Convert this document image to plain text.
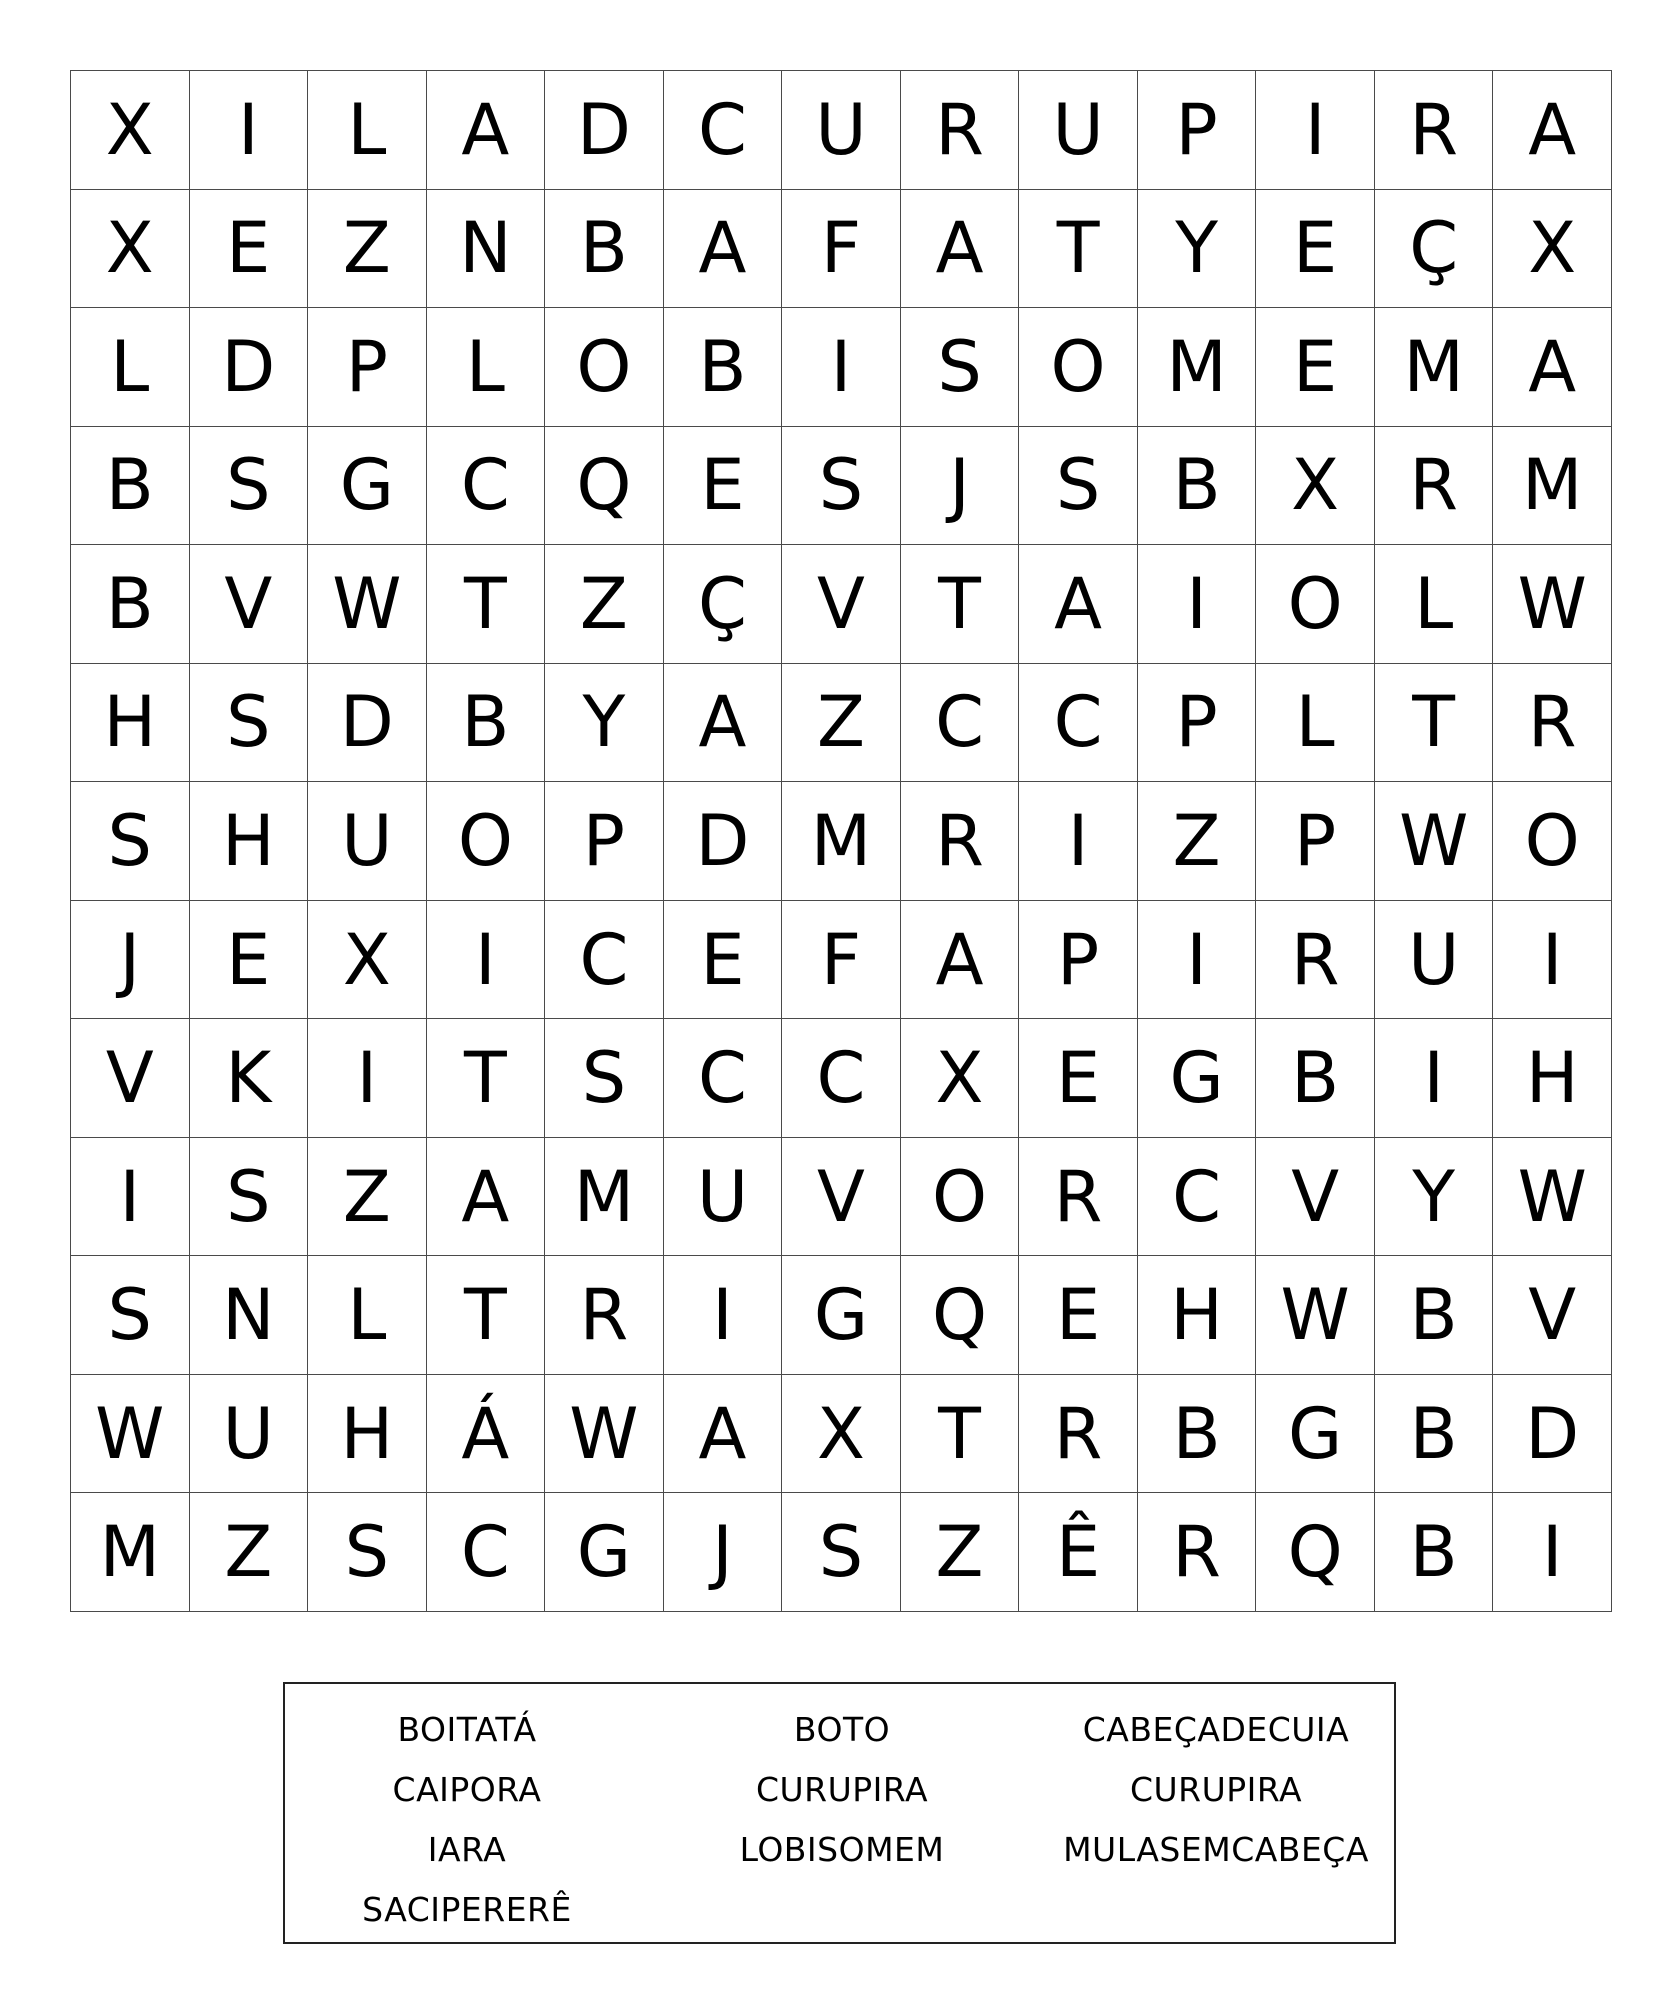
X	I	L	A D C U R U	P	I	R	A
X	E	Z N B	A	F	A	T	Y	E	Ç	X
L	D	P	L	O B	I	S O M E M A
B	S G C Q E	S	J	S	B	X	R M
B	V W T	Z	Ç	V	T	A	I	O	L W
H	S D B	Y	A	Z	C C	P	L	T	R
S H U O P	D M R	I	Z	P W O
J	E	X	I	C	E	F	A	P	I	R U	I
V	K	I	T	S	C C	X	E G B	I	H
I	S	Z	A M U V O R C	V	Y W
S	N	L	T	R	I	G Q E	H W B	V
W U H Á W A	X	T	R	B G B D
M Z	S	C G	J	S	Z	Ê	R Q B	I
BOITATÁ
CAIPORA
IARA
SACIPERERÊ
BOTO
CURUPIRA
LOBISOMEM
CABEÇADECUIA
CURUPIRA
MULASEMCABEÇA
